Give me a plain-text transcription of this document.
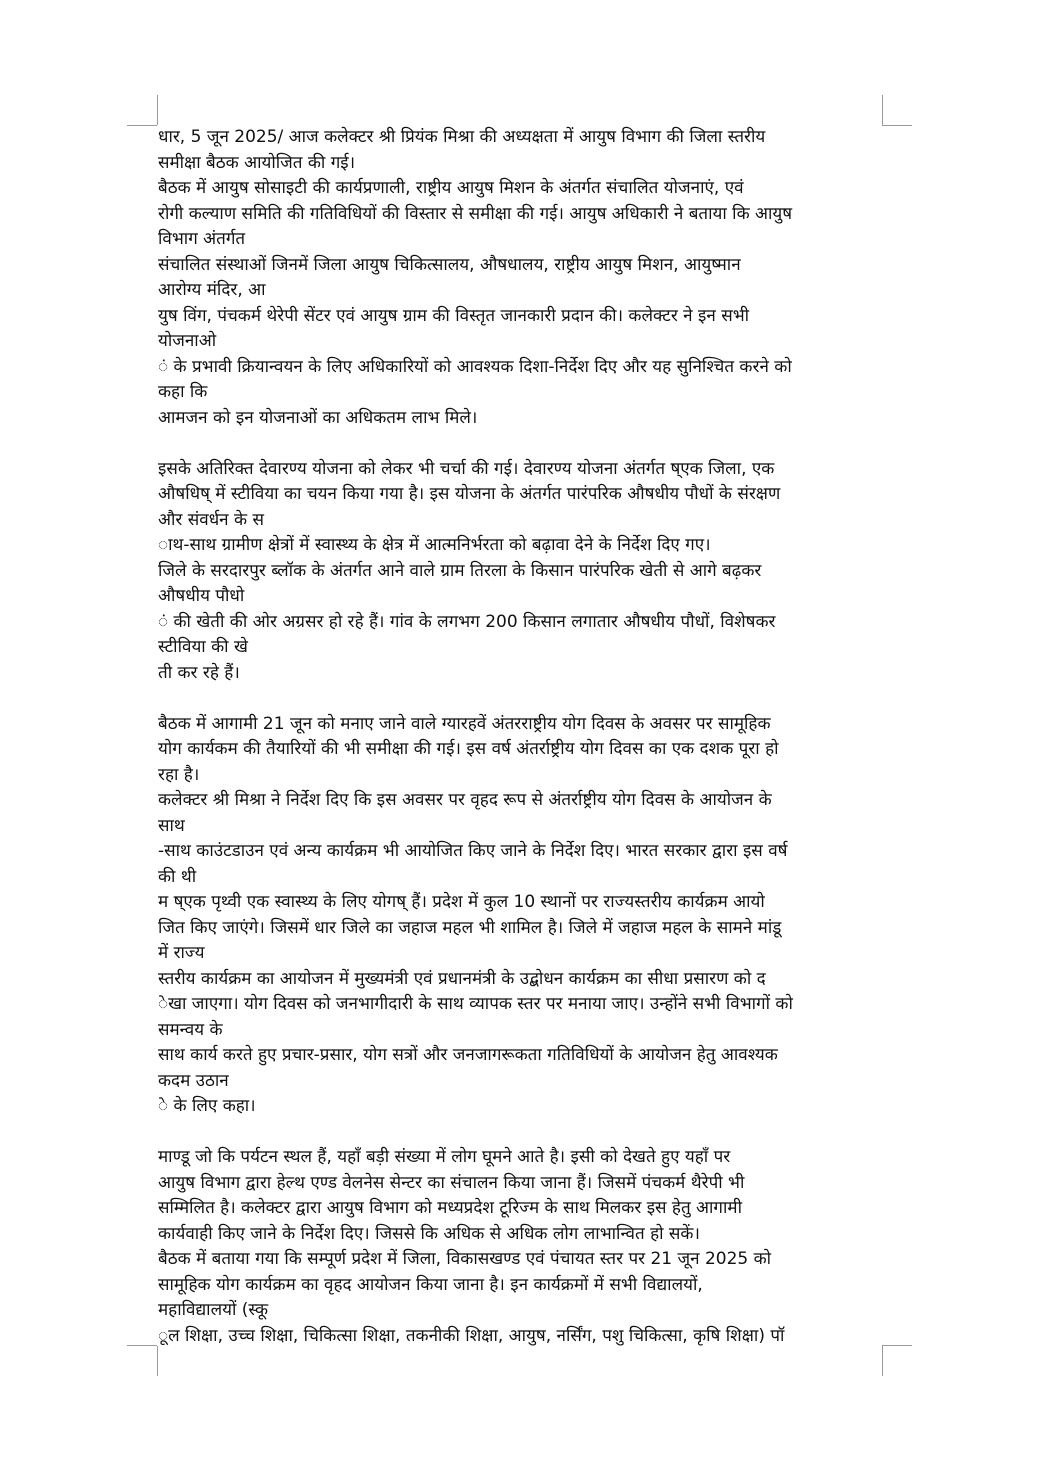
धार, 5 जून 2025/ आज कलेक्टर श्री प्रियंक मिश्रा की अध्यक्षता में आयुष विभाग की जिला स्तरीय
समीक्षा बैठक आयोजित की गई।
बैठक में आयुष सोसाइटी की कार्यप्रणाली, राष्ट्रीय आयुष मिशन के अंतर्गत संचालित योजनाएं, एवं
रोगी कल्याण समिति की गतिविधियों की विस्तार से समीक्षा की गई। आयुष अधिकारी ने बताया कि आयुष
विभाग अंतर्गत
संचालित संस्थाओं जिनमें जिला आयुष चिकित्सालय, औषधालय, राष्ट्रीय आयुष मिशन, आयुष्मान
आरोग्य मंदिर, आ
युष विंग, पंचकर्म थेरेपी सेंटर एवं आयुष ग्राम की विस्तृत जानकारी प्रदान की। कलेक्टर ने इन सभी
योजनाओ
ं के प्रभावी क्रियान्वयन के लिए अधिकारियों को आवश्यक दिशा-निर्देश दिए और यह सुनिश्चित करने को
कहा कि
आमजन को इन योजनाओं का अधिकतम लाभ मिले।
इसके अतिरिक्त देवारण्य योजना को लेकर भी चर्चा की गई। देवारण्य योजना अंतर्गत ष्एक जिला, एक
औषधिष् में स्टीविया का चयन किया गया है। इस योजना के अंतर्गत पारंपरिक औषधीय पौधों के संरक्षण
और संवर्धन के स
ाथ-साथ ग्रामीण क्षेत्रों में स्वास्थ्य के क्षेत्र में आत्मनिर्भरता को बढ़ावा देने के निर्देश दिए गए।
जिले के सरदारपुर ब्लॉक के अंतर्गत आने वाले ग्राम तिरला के किसान पारंपरिक खेती से आगे बढ़कर
औषधीय पौधो
ं की खेती की ओर अग्रसर हो रहे हैं। गांव के लगभग 200 किसान लगातार औषधीय पौधों, विशेषकर
स्टीविया की खे
ती कर रहे हैं।
बैठक में आगामी 21 जून को मनाए जाने वाले ग्यारहवें अंतरराष्ट्रीय योग दिवस के अवसर पर सामूहिक
योग कार्यकम की तैयारियों की भी समीक्षा की गई। इस वर्ष अंतर्राष्ट्रीय योग दिवस का एक दशक पूरा हो
रहा है।
कलेक्टर श्री मिश्रा ने निर्देश दिए कि इस अवसर पर वृहद रूप से अंतर्राष्ट्रीय योग दिवस के आयोजन के
साथ
-साथ काउंटडाउन एवं अन्य कार्यक्रम भी आयोजित किए जाने के निर्देश दिए। भारत सरकार द्वारा इस वर्ष
की थी
म ष्एक पृथ्वी एक स्वास्थ्य के लिए योगष् हैं। प्रदेश में कुल 10 स्थानों पर राज्यस्तरीय कार्यक्रम आयो
जित किए जाएंगे। जिसमें धार जिले का जहाज महल भी शामिल है। जिले में जहाज महल के सामने मांडू
में राज्य
स्तरीय कार्यक्रम का आयोजन में मुख्यमंत्री एवं प्रधानमंत्री के उद्बोधन कार्यक्रम का सीधा प्रसारण को द
ेखा जाएगा। योग दिवस को जनभागीदारी के साथ व्यापक स्तर पर मनाया जाए। उन्होंने सभी विभागों को
समन्वय के
साथ कार्य करते हुए प्रचार-प्रसार, योग सत्रों और जनजागरूकता गतिविधियों के आयोजन हेतु आवश्यक
कदम उठान
े के लिए कहा।
माण्डू जो कि पर्यटन स्थल हैं, यहाँ बड़ी संख्या में लोग घूमने आते है। इसी को देखते हुए यहाँ पर
आयुष विभाग द्वारा हेल्थ एण्ड वेलनेस सेन्टर का संचालन किया जाना हैं। जिसमें पंचकर्म थैरेपी भी
सम्मिलित है। कलेक्टर द्वारा आयुष विभाग को मध्यप्रदेश टूरिज्म के साथ मिलकर इस हेतु आगामी
कार्यवाही किए जाने के निर्देश दिए। जिससे कि अधिक से अधिक लोग लाभान्वित हो सकें।
बैठक में बताया गया कि सम्पूर्ण प्रदेश में जिला, विकासखण्ड एवं पंचायत स्तर पर 21 जून 2025 को
सामूहिक योग कार्यक्रम का वृहद आयोजन किया जाना है। इन कार्यक्रमों में सभी विद्यालयों,
महाविद्यालयों (स्कू
ूल शिक्षा, उच्च शिक्षा, चिकित्सा शिक्षा, तकनीकी शिक्षा, आयुष, नर्सिंग, पशु चिकित्सा, कृषि शिक्षा) पॉ
